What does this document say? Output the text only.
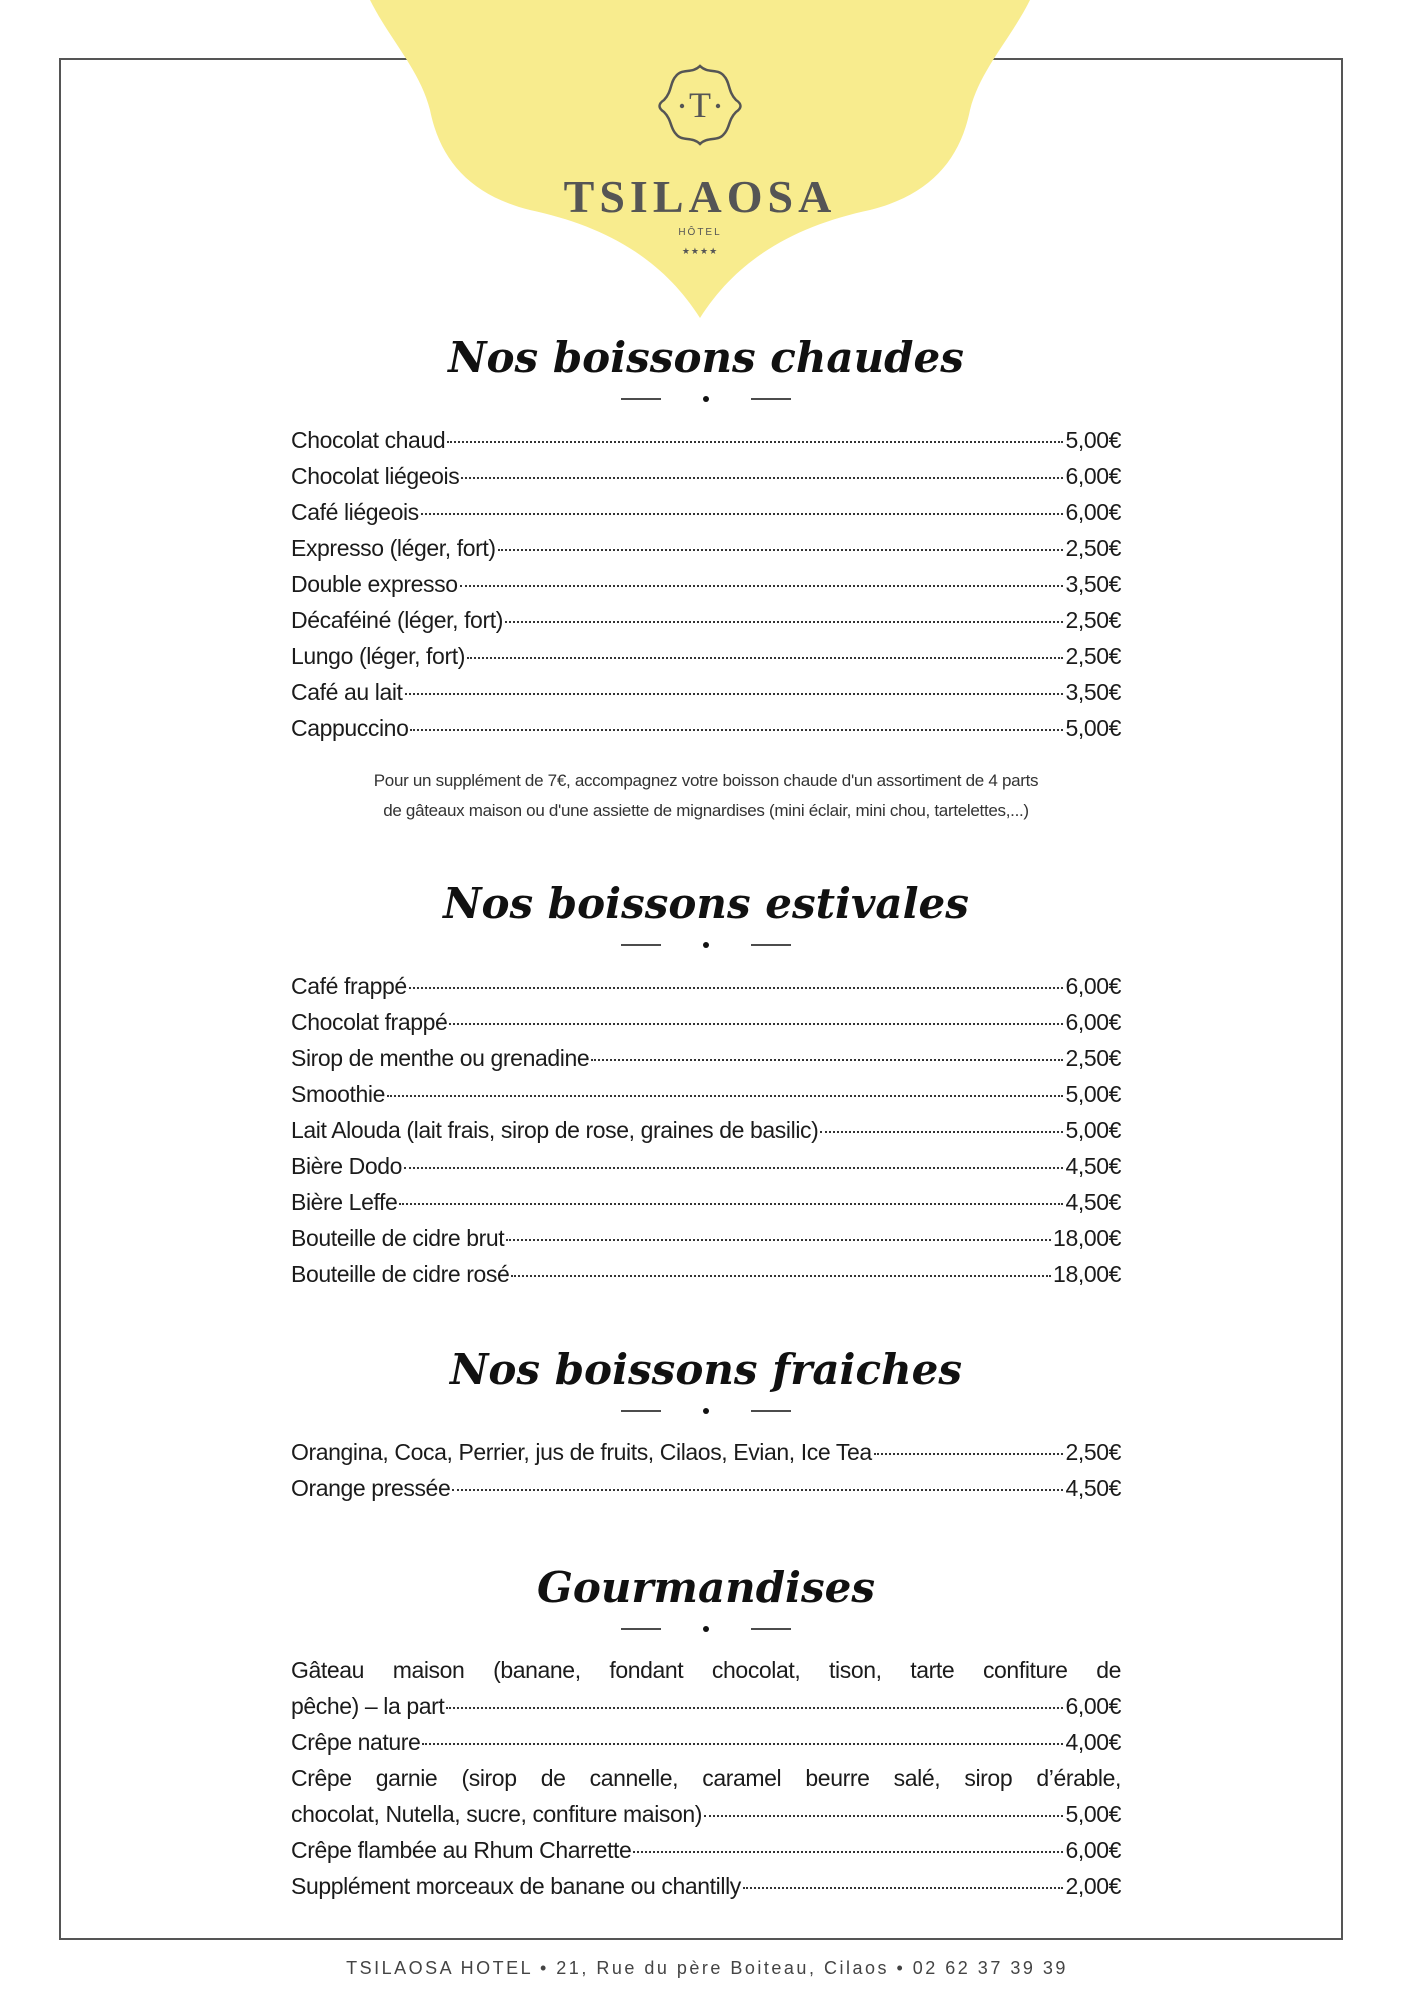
T
TSILAOSA
HÔTEL
★★★★
Nos boissons chaudes
Chocolat chaud	5,00€
Chocolat liégeois	6,00€
Café liégeois	6,00€
Expresso (léger, fort)	2,50€
Double expresso	3,50€
Décaféiné (léger, fort)	2,50€
Lungo (léger, fort)	2,50€
Café au lait	3,50€
Cappuccino	5,00€

Pour un supplément de 7€, accompagnez votre boisson chaude d'un assortiment de 4 parts
de gâteaux maison ou d'une assiette de mignardises (mini éclair, mini chou, tartelettes,...)

Nos boissons estivales
Café frappé	6,00€
Chocolat frappé	6,00€
Sirop de menthe ou grenadine	2,50€
Smoothie	5,00€
Lait Alouda (lait frais, sirop de rose, graines de basilic)	5,00€
Bière Dodo	4,50€
Bière Leffe	4,50€
Bouteille de cidre brut	18,00€
Bouteille de cidre rosé	18,00€
Nos boissons fraiches
Orangina, Coca, Perrier, jus de fruits, Cilaos, Evian, Ice Tea	2,50€
Orange pressée	4,50€
Gourmandises
Gâteau maison (banane, fondant chocolat, tison, tarte confiture de
pêche) – la part	6,00€
Crêpe nature	4,00€
Crêpe garnie (sirop de cannelle, caramel beurre salé, sirop d’érable,
chocolat, Nutella, sucre, confiture maison)	5,00€
Crêpe flambée au Rhum Charrette	6,00€
Supplément morceaux de banane ou chantilly	2,00€
TSILAOSA HOTEL • 21, Rue du père Boiteau, Cilaos • 02 62 37 39 39
